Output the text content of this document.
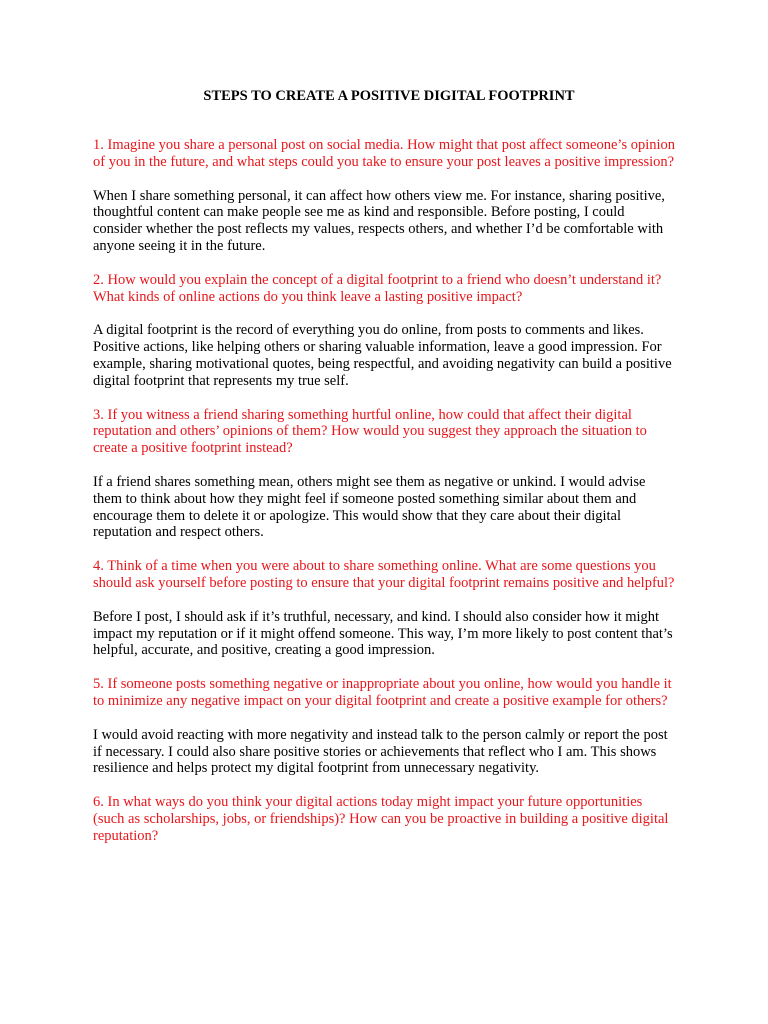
STEPS TO CREATE A POSITIVE DIGITAL FOOTPRINT

1. Imagine you share a personal post on social media. How might that post affect someone’s opinion of you in the future, and what steps could you take to ensure your post leaves a positive impression?

When I share something personal, it can affect how others view me. For instance, sharing positive, thoughtful content can make people see me as kind and responsible. Before posting, I could consider whether the post reflects my values, respects others, and whether I’d be comfortable with anyone seeing it in the future.

2. How would you explain the concept of a digital footprint to a friend who doesn’t understand it? What kinds of online actions do you think leave a lasting positive impact?

A digital footprint is the record of everything you do online, from posts to comments and likes. Positive actions, like helping others or sharing valuable information, leave a good impression. For example, sharing motivational quotes, being respectful, and avoiding negativity can build a positive digital footprint that represents my true self.

3. If you witness a friend sharing something hurtful online, how could that affect their digital reputation and others’ opinions of them? How would you suggest they approach the situation to create a positive footprint instead?

If a friend shares something mean, others might see them as negative or unkind. I would advise them to think about how they might feel if someone posted something similar about them and encourage them to delete it or apologize. This would show that they care about their digital reputation and respect others.

4. Think of a time when you were about to share something online. What are some questions you should ask yourself before posting to ensure that your digital footprint remains positive and helpful?

Before I post, I should ask if it’s truthful, necessary, and kind. I should also consider how it might impact my reputation or if it might offend someone. This way, I’m more likely to post content that’s helpful, accurate, and positive, creating a good impression.

5. If someone posts something negative or inappropriate about you online, how would you handle it to minimize any negative impact on your digital footprint and create a positive example for others?

I would avoid reacting with more negativity and instead talk to the person calmly or report the post if necessary. I could also share positive stories or achievements that reflect who I am. This shows resilience and helps protect my digital footprint from unnecessary negativity.

6. In what ways do you think your digital actions today might impact your future opportunities (such as scholarships, jobs, or friendships)? How can you be proactive in building a positive digital reputation?
